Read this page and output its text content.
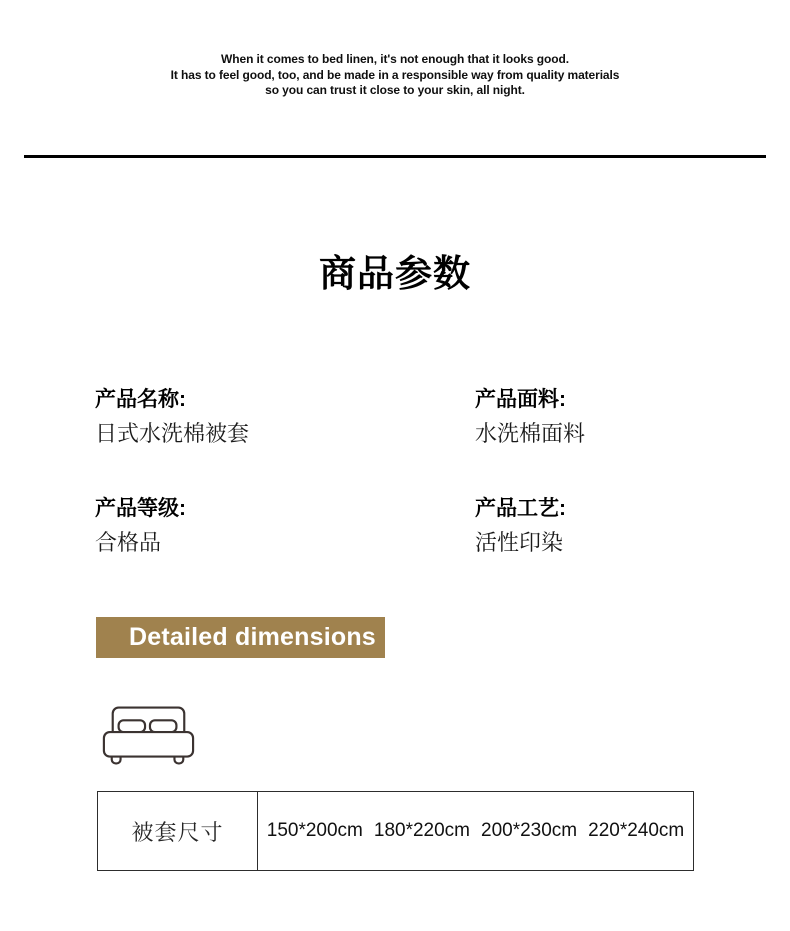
When it comes to bed linen, it's not enough that it looks good.
It has to feel good, too, and be made in a responsible way from quality materials
so you can trust it close to your skin, all night.
商品参数
产品名称:
日式水洗棉被套
产品面料:
水洗棉面料
产品等级:
合格品
产品工艺:
活性印染
Detailed dimensions
被套尺寸	150*200cm 180*220cm 200*230cm 220*240cm
